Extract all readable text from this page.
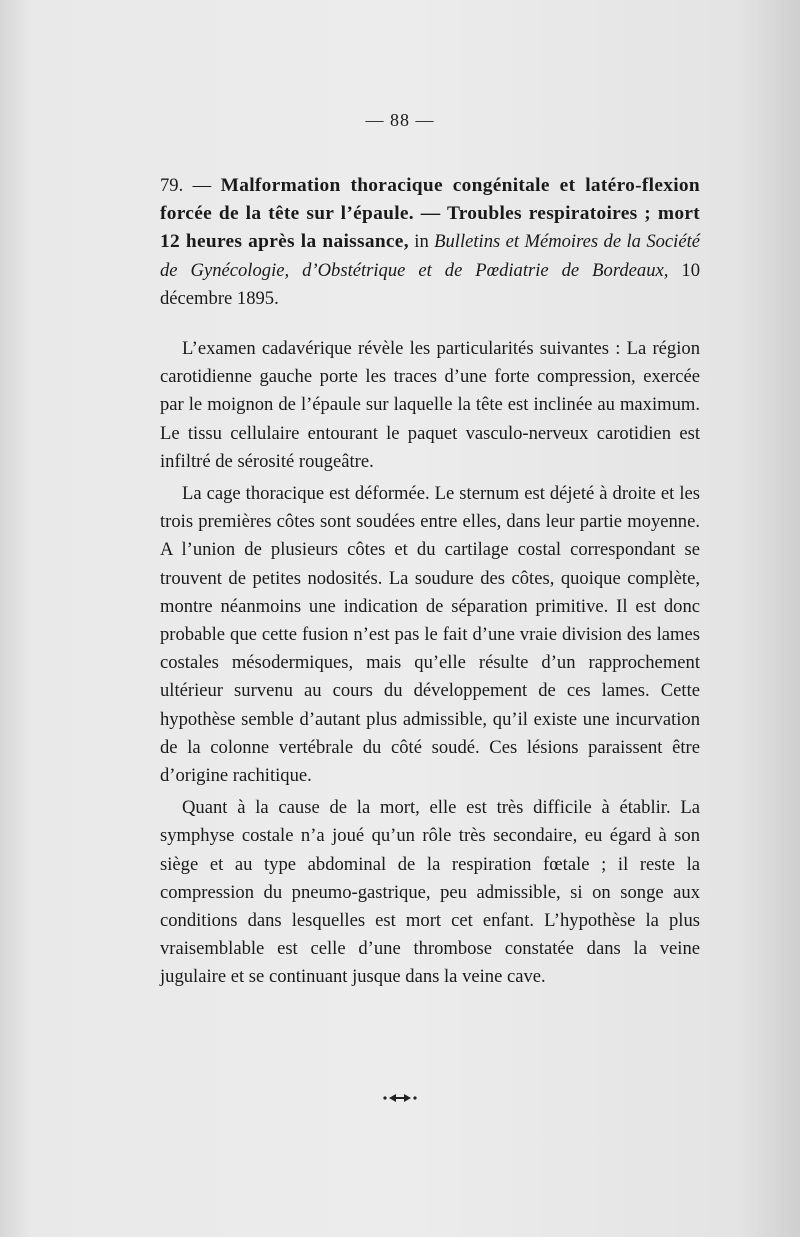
— 88 —

79. — Malformation thoracique congénitale et latéro-flexion forcée de la tête sur l’épaule. — Troubles respiratoires ; mort 12 heures après la naissance, in Bulletins et Mémoires de la Société de Gynécologie, d’Obstétrique et de Pœdiatrie de Bordeaux, 10 décembre 1895.

L’examen cadavérique révèle les particularités suivantes : La région carotidienne gauche porte les traces d’une forte compression, exercée par le moignon de l’épaule sur laquelle la tête est inclinée au maximum. Le tissu cellulaire entourant le paquet vasculo-nerveux carotidien est infiltré de sérosité rougeâtre.

La cage thoracique est déformée. Le sternum est déjeté à droite et les trois premières côtes sont soudées entre elles, dans leur partie moyenne. A l’union de plusieurs côtes et du cartilage costal correspondant se trouvent de petites nodosités. La soudure des côtes, quoique complète, montre néanmoins une indication de séparation primitive. Il est donc probable que cette fusion n’est pas le fait d’une vraie division des lames costales mésodermiques, mais qu’elle résulte d’un rapprochement ultérieur survenu au cours du développement de ces lames. Cette hypothèse semble d’autant plus admissible, qu’il existe une incurvation de la colonne vertébrale du côté soudé. Ces lésions paraissent être d’origine rachitique.

Quant à la cause de la mort, elle est très difficile à établir. La symphyse costale n’a joué qu’un rôle très secondaire, eu égard à son siège et au type abdominal de la respiration fœtale ; il reste la compression du pneumo-gastrique, peu admissible, si on songe aux conditions dans lesquelles est mort cet enfant. L’hypothèse la plus vraisemblable est celle d’une thrombose constatée dans la veine jugulaire et se continuant jusque dans la veine cave.
